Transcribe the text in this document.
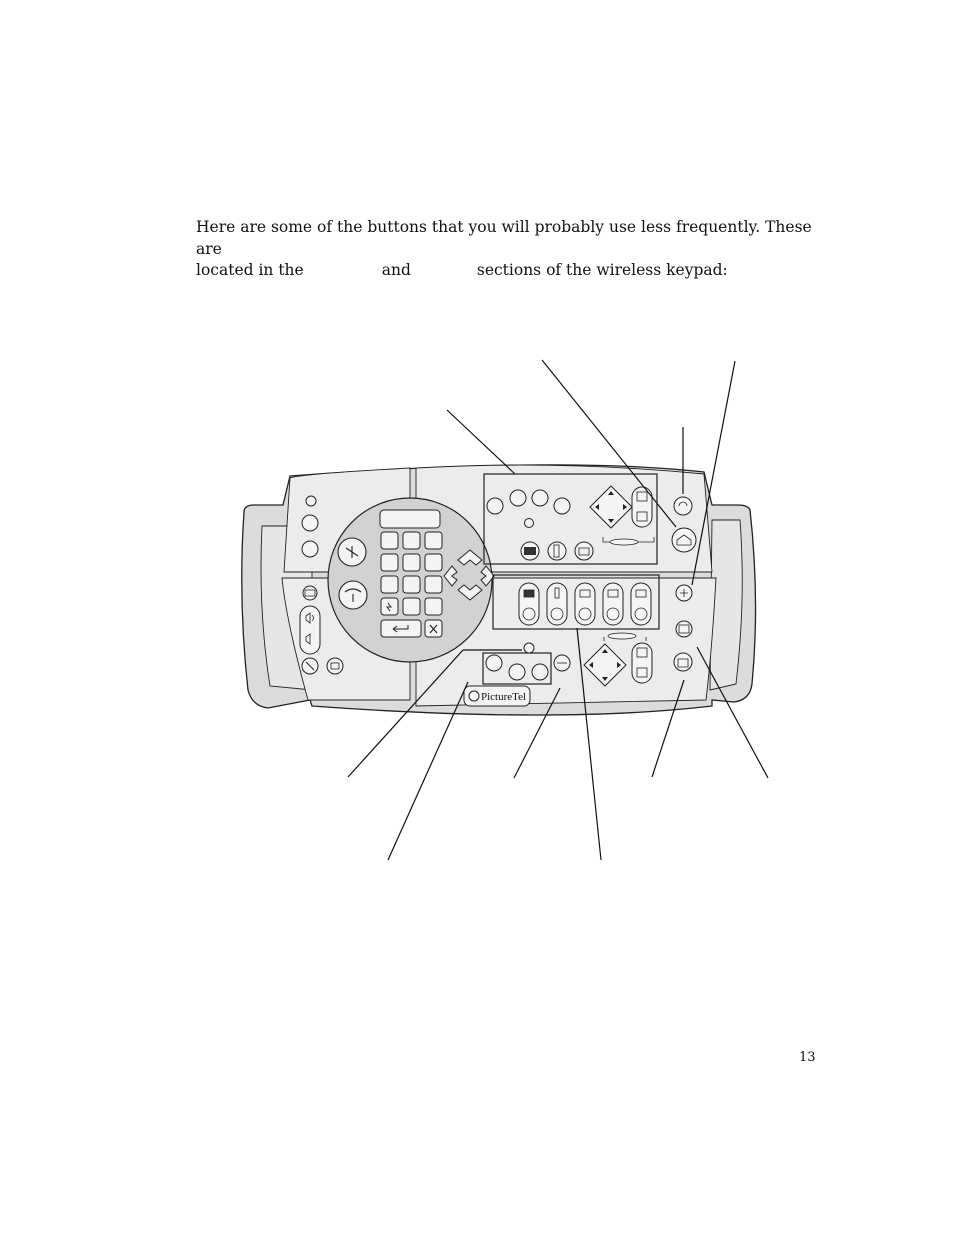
Here are some of the buttons that you will probably use less frequently. These are

located in the	and	sections of the wireless keypad:

PictureTel
13
